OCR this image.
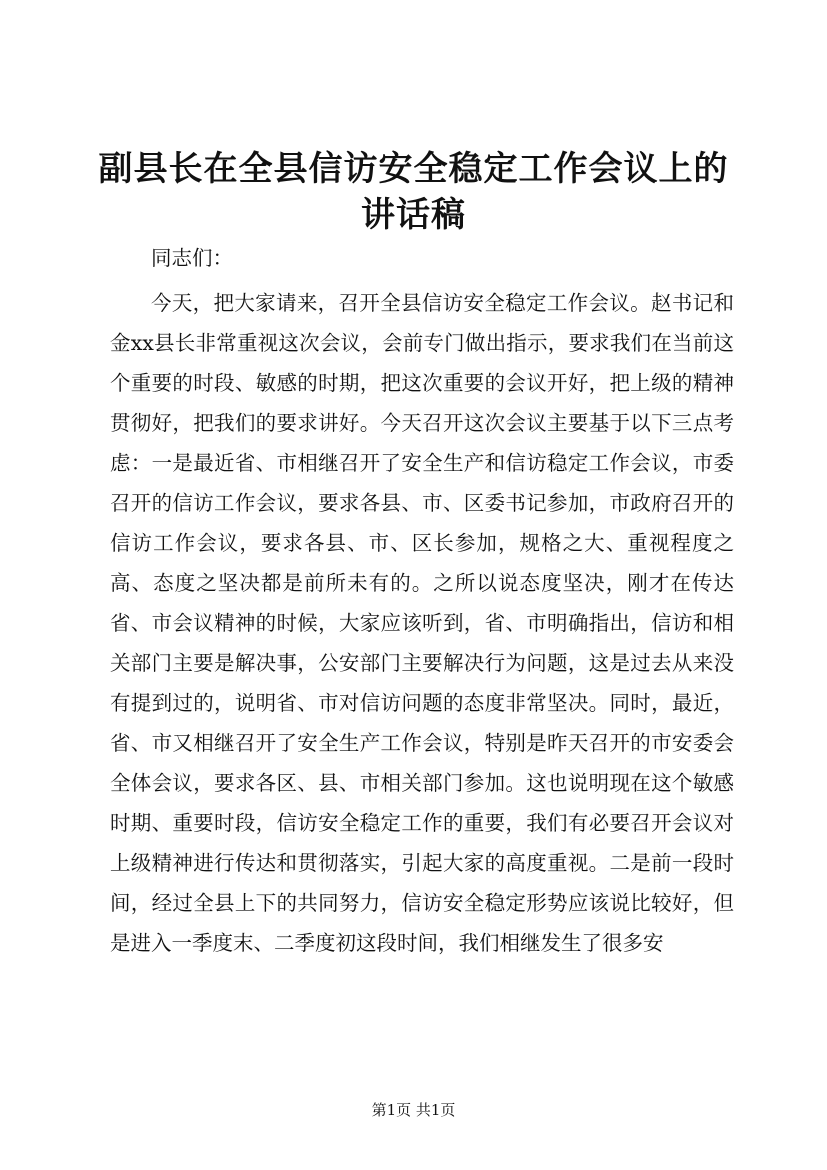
副县长在全县信访安全稳定工作会议上的讲话稿

同志们：

今天，把大家请来，召开全县信访安全稳定工作会议。赵书记和金xx县长非常重视这次会议，会前专门做出指示，要求我们在当前这个重要的时段、敏感的时期，把这次重要的会议开好，把上级的精神贯彻好，把我们的要求讲好。今天召开这次会议主要基于以下三点考虑：一是最近省、市相继召开了安全生产和信访稳定工作会议，市委召开的信访工作会议，要求各县、市、区委书记参加，市政府召开的信访工作会议，要求各县、市、区长参加，规格之大、重视程度之高、态度之坚决都是前所未有的。之所以说态度坚决，刚才在传达省、市会议精神的时候，大家应该听到，省、市明确指出，信访和相关部门主要是解决事，公安部门主要解决行为问题，这是过去从来没有提到过的，说明省、市对信访问题的态度非常坚决。同时，最近，省、市又相继召开了安全生产工作会议，特别是昨天召开的市安委会全体会议，要求各区、县、市相关部门参加。这也说明现在这个敏感时期、重要时段，信访安全稳定工作的重要，我们有必要召开会议对上级精神进行传达和贯彻落实，引起大家的高度重视。二是前一段时间，经过全县上下的共同努力，信访安全稳定形势应该说比较好，但是进入一季度末、二季度初这段时间，我们相继发生了很多安

第1页 共1页
